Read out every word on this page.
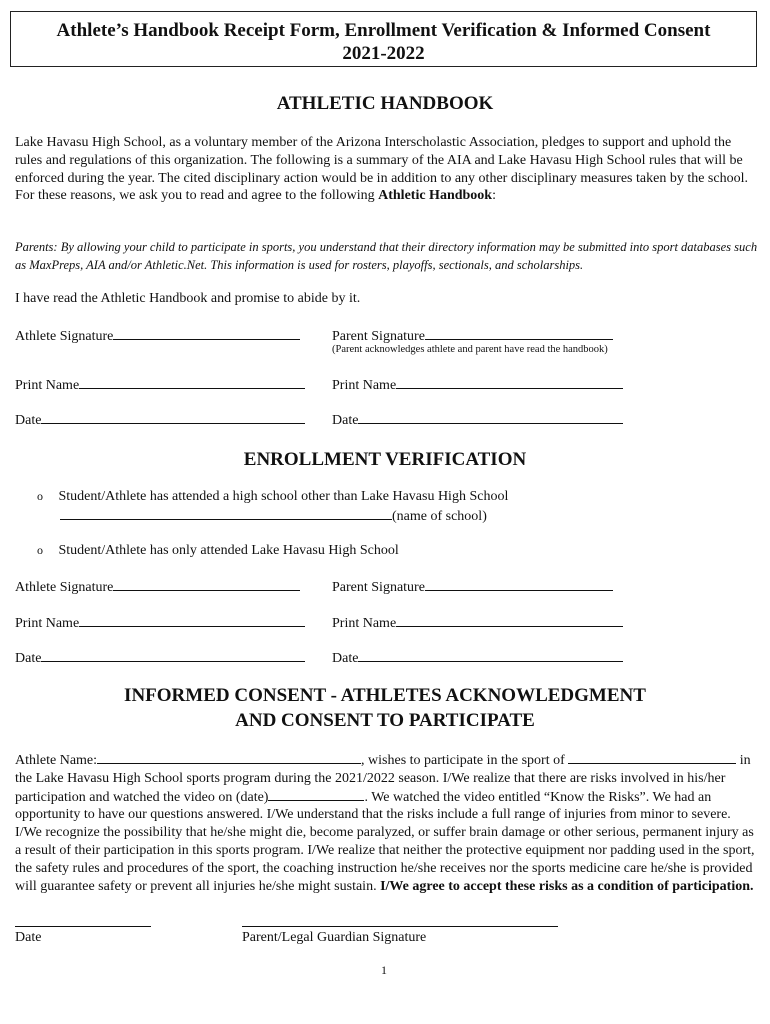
Athlete’s Handbook Receipt Form, Enrollment Verification & Informed Consent
2021-2022
ATHLETIC HANDBOOK
Lake Havasu High School, as a voluntary member of the Arizona Interscholastic Association, pledges to support and uphold the rules and regulations of this organization. The following is a summary of the AIA and Lake Havasu High School rules that will be enforced during the year. The cited disciplinary action would be in addition to any other disciplinary measures taken by the school. For these reasons, we ask you to read and agree to the following Athletic Handbook:
Parents: By allowing your child to participate in sports, you understand that their directory information may be submitted into sport databases such as MaxPreps, AIA and/or Athletic.Net. This information is used for rosters, playoffs, sectionals, and scholarships.
I have read the Athletic Handbook and promise to abide by it.
Athlete Signature	Parent Signature
(Parent acknowledges athlete and parent have read the handbook)
Print Name	Print Name
Date	Date
ENROLLMENT VERIFICATION
o Student/Athlete has attended a high school other than Lake Havasu High School
(name of school)
o Student/Athlete has only attended Lake Havasu High School
Athlete Signature	Parent Signature
Print Name	Print Name
Date	Date
INFORMED CONSENT - ATHLETES ACKNOWLEDGMENT
AND CONSENT TO PARTICIPATE
Athlete Name:	, wishes to participate in the sport of	in the Lake Havasu High School sports program during the 2021/2022 season. I/We realize that there are risks involved in his/her participation and watched the video on (date)	. We watched the video entitled “Know the Risks”. We had an opportunity to have our questions answered. I/We understand that the risks include a full range of injuries from minor to severe. I/We recognize the possibility that he/she might die, become paralyzed, or suffer brain damage or other serious, permanent injury as a result of their participation in this sports program. I/We realize that neither the protective equipment nor padding used in the sport, the safety rules and procedures of the sport, the coaching instruction he/she receives nor the sports medicine care he/she is provided will guarantee safety or prevent all injuries he/she might sustain. I/We agree to accept these risks as a condition of participation.
Date	Parent/Legal Guardian Signature
1
